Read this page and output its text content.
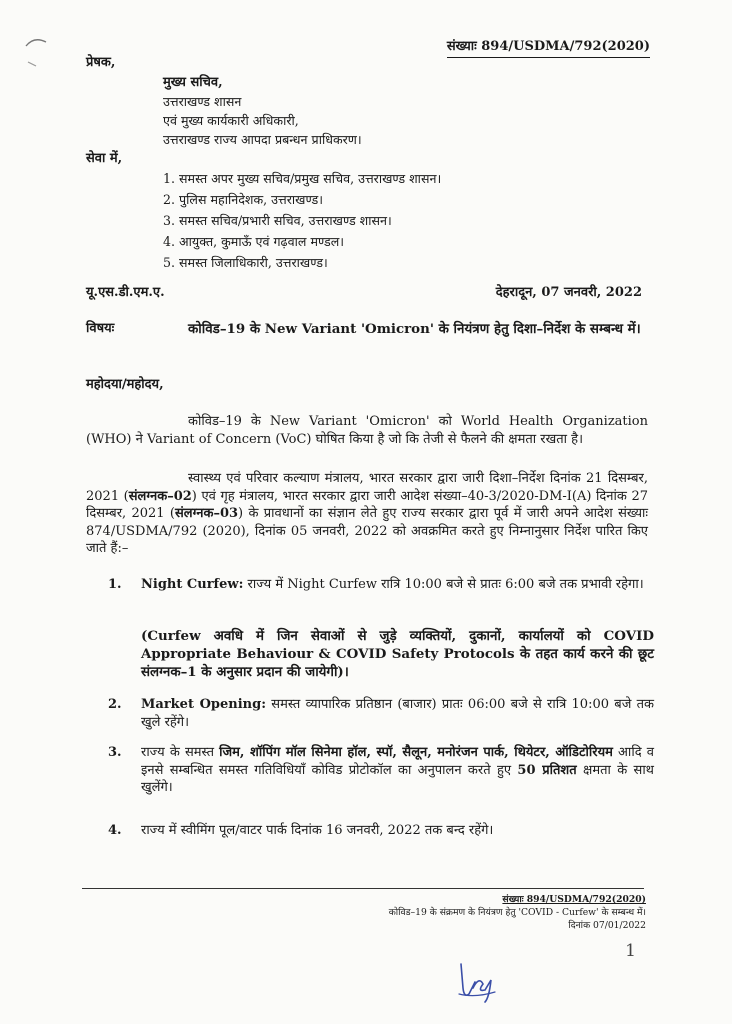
संख्याः 894/USDMA/792(2020)
प्रेषक,
मुख्य सचिव,
उत्तराखण्ड शासन
एवं मुख्य कार्यकारी अधिकारी,
उत्तराखण्ड राज्य आपदा प्रबन्धन प्राधिकरण।
सेवा में,
1. समस्त अपर मुख्य सचिव/प्रमुख सचिव, उत्तराखण्ड शासन।
2. पुलिस महानिदेशक, उत्तराखण्ड।
3. समस्त सचिव/प्रभारी सचिव, उत्तराखण्ड शासन।
4. आयुक्त, कुमाऊँ एवं गढ़वाल मण्डल।
5. समस्त जिलाधिकारी, उत्तराखण्ड।
यू.एस.डी.एम.ए.	देहरादून, 07 जनवरी, 2022
विषयः	कोविड–19 के New Variant 'Omicron' के नियंत्रण हेतु दिशा–निर्देश के सम्बन्ध में।
महोदया/महोदय,
कोविड–19 के New Variant 'Omicron' को World Health Organization (WHO) ने Variant of Concern (VoC) घोषित किया है जो कि तेजी से फैलने की क्षमता रखता है।
स्वास्थ्य एवं परिवार कल्याण मंत्रालय, भारत सरकार द्वारा जारी दिशा–निर्देश दिनांक 21 दिसम्बर, 2021 (संलग्नक–02) एवं गृह मंत्रालय, भारत सरकार द्वारा जारी आदेश संख्या–40-3/2020-DM-I(A) दिनांक 27 दिसम्बर, 2021 (संलग्नक–03) के प्रावधानों का संज्ञान लेते हुए राज्य सरकार द्वारा पूर्व में जारी अपने आदेश संख्याः 874/USDMA/792 (2020), दिनांक 05 जनवरी, 2022 को अवक्रमित करते हुए निम्नानुसार निर्देश पारित किए जाते हैं:–
1. Night Curfew: राज्य में Night Curfew रात्रि 10:00 बजे से प्रातः 6:00 बजे तक प्रभावी रहेगा।
(Curfew अवधि में जिन सेवाओं से जुड़े व्यक्तियों, दुकानों, कार्यालयों को COVID Appropriate Behaviour & COVID Safety Protocols के तहत कार्य करने की छूट संलग्नक–1 के अनुसार प्रदान की जायेगी)।
2. Market Opening: समस्त व्यापारिक प्रतिष्ठान (बाजार) प्रातः 06:00 बजे से रात्रि 10:00 बजे तक खुले रहेंगे।
3. राज्य के समस्त जिम, शॉपिंग मॉल सिनेमा हॉल, स्पॉ, सैलून, मनोरंजन पार्क, थियेटर, ऑडिटोरियम आदि व इनसे सम्बन्धित समस्त गतिविधियाँ कोविड प्रोटोकॉल का अनुपालन करते हुए 50 प्रतिशत क्षमता के साथ खुलेंगे।
4. राज्य में स्वीमिंग पूल/वाटर पार्क दिनांक 16 जनवरी, 2022 तक बन्द रहेंगे।
संख्याः 894/USDMA/792(2020)
कोविड–19 के संक्रमण के नियंत्रण हेतु 'COVID - Curfew' के सम्बन्ध में।
दिनांक 07/01/2022
1
